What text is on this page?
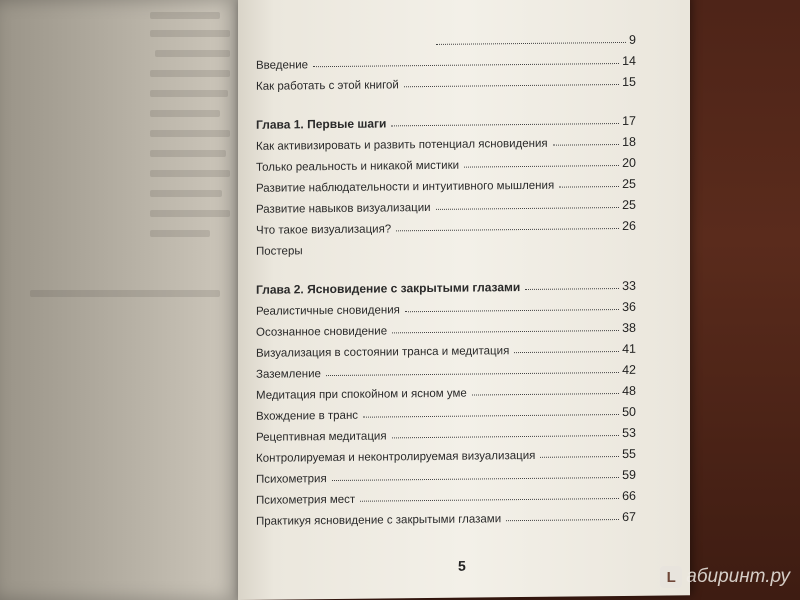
9
Введение	14
Как работать с этой книгой	15
Глава 1. Первые шаги	17
Как активизировать и развить потенциал ясновидения	18
Только реальность и никакой мистики	20
Развитие наблюдательности и интуитивного мышления	25
Развитие навыков визуализации	25
Что такое визуализация?	26
Постеры
Глава 2. Ясновидение с закрытыми глазами	33
Реалистичные сновидения	36
Осознанное сновидение	38
Визуализация в состоянии транса и медитация	41
Заземление	42
Медитация при спокойном и ясном уме	48
Вхождение в транс	50
Рецептивная медитация	53
Контролируемая и неконтролируемая визуализация	55
Психометрия	59
Психометрия мест	66
Практикуя ясновидение с закрытыми глазами	67
5
L абиринт.ру
